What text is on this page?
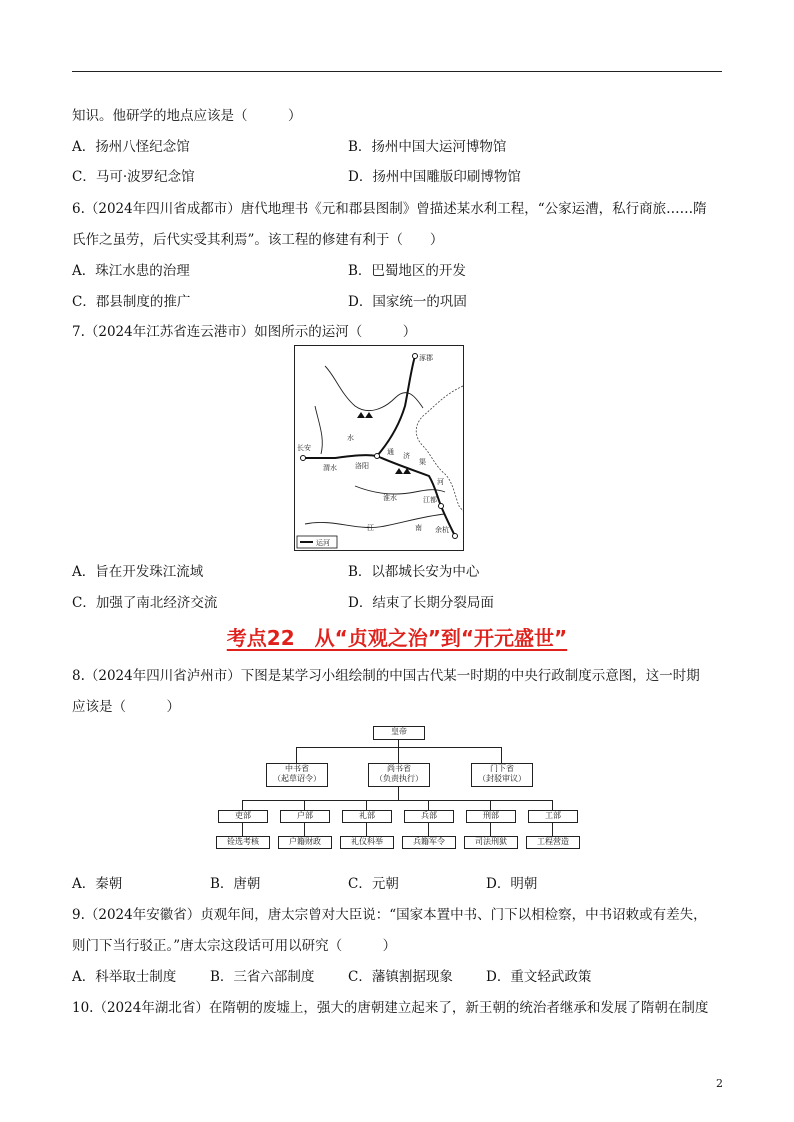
知识。他研学的地点应该是（　　　）
A．扬州八怪纪念馆	B．扬州中国大运河博物馆
C．马可·波罗纪念馆	D．扬州中国雕版印刷博物馆
6.（2024年四川省成都市）唐代地理书《元和郡县图制》曾描述某水利工程，“公家运漕，私行商旅……隋
氏作之虽劳，后代实受其利焉”。该工程的修建有利于（　　）
A．珠江水患的治理	B．巴蜀地区的开发
C．郡县制度的推广	D．国家统一的巩固
7.（2024年江苏省连云港市）如图所示的运河（　　　）
涿郡
长安
洛阳
江都
余杭
渭水
淮水
通 济
渠
水
河
江	南
运河
A．旨在开发珠江流域	B．以都城长安为中心
C．加强了南北经济交流	D．结束了长期分裂局面
考点22　从“贞观之治”到“开元盛世”
8.（2024年四川省泸州市）下图是某学习小组绘制的中国古代某一时期的中央行政制度示意图，这一时期
应该是（　　　）
皇帝
中书省
（起草诏令）
尚书省
（负责执行）
门下省
（封驳审议）
吏部
铨选考核
户部
户籍财政
礼部
礼仪科举
兵部
兵籍军令
刑部
司法刑狱
工部
工程营造
A．秦朝	B．唐朝	C．元朝	D．明朝
9.（2024年安徽省）贞观年间，唐太宗曾对大臣说：“国家本置中书、门下以相检察，中书诏敕或有差失，
则门下当行驳正。”唐太宗这段话可用以研究（　　　）
A．科举取士制度	B．三省六部制度 C．藩镇割据现象 D．重文轻武政策
10.（2024年湖北省）在隋朝的废墟上，强大的唐朝建立起来了，新王朝的统治者继承和发展了隋朝在制度
2
